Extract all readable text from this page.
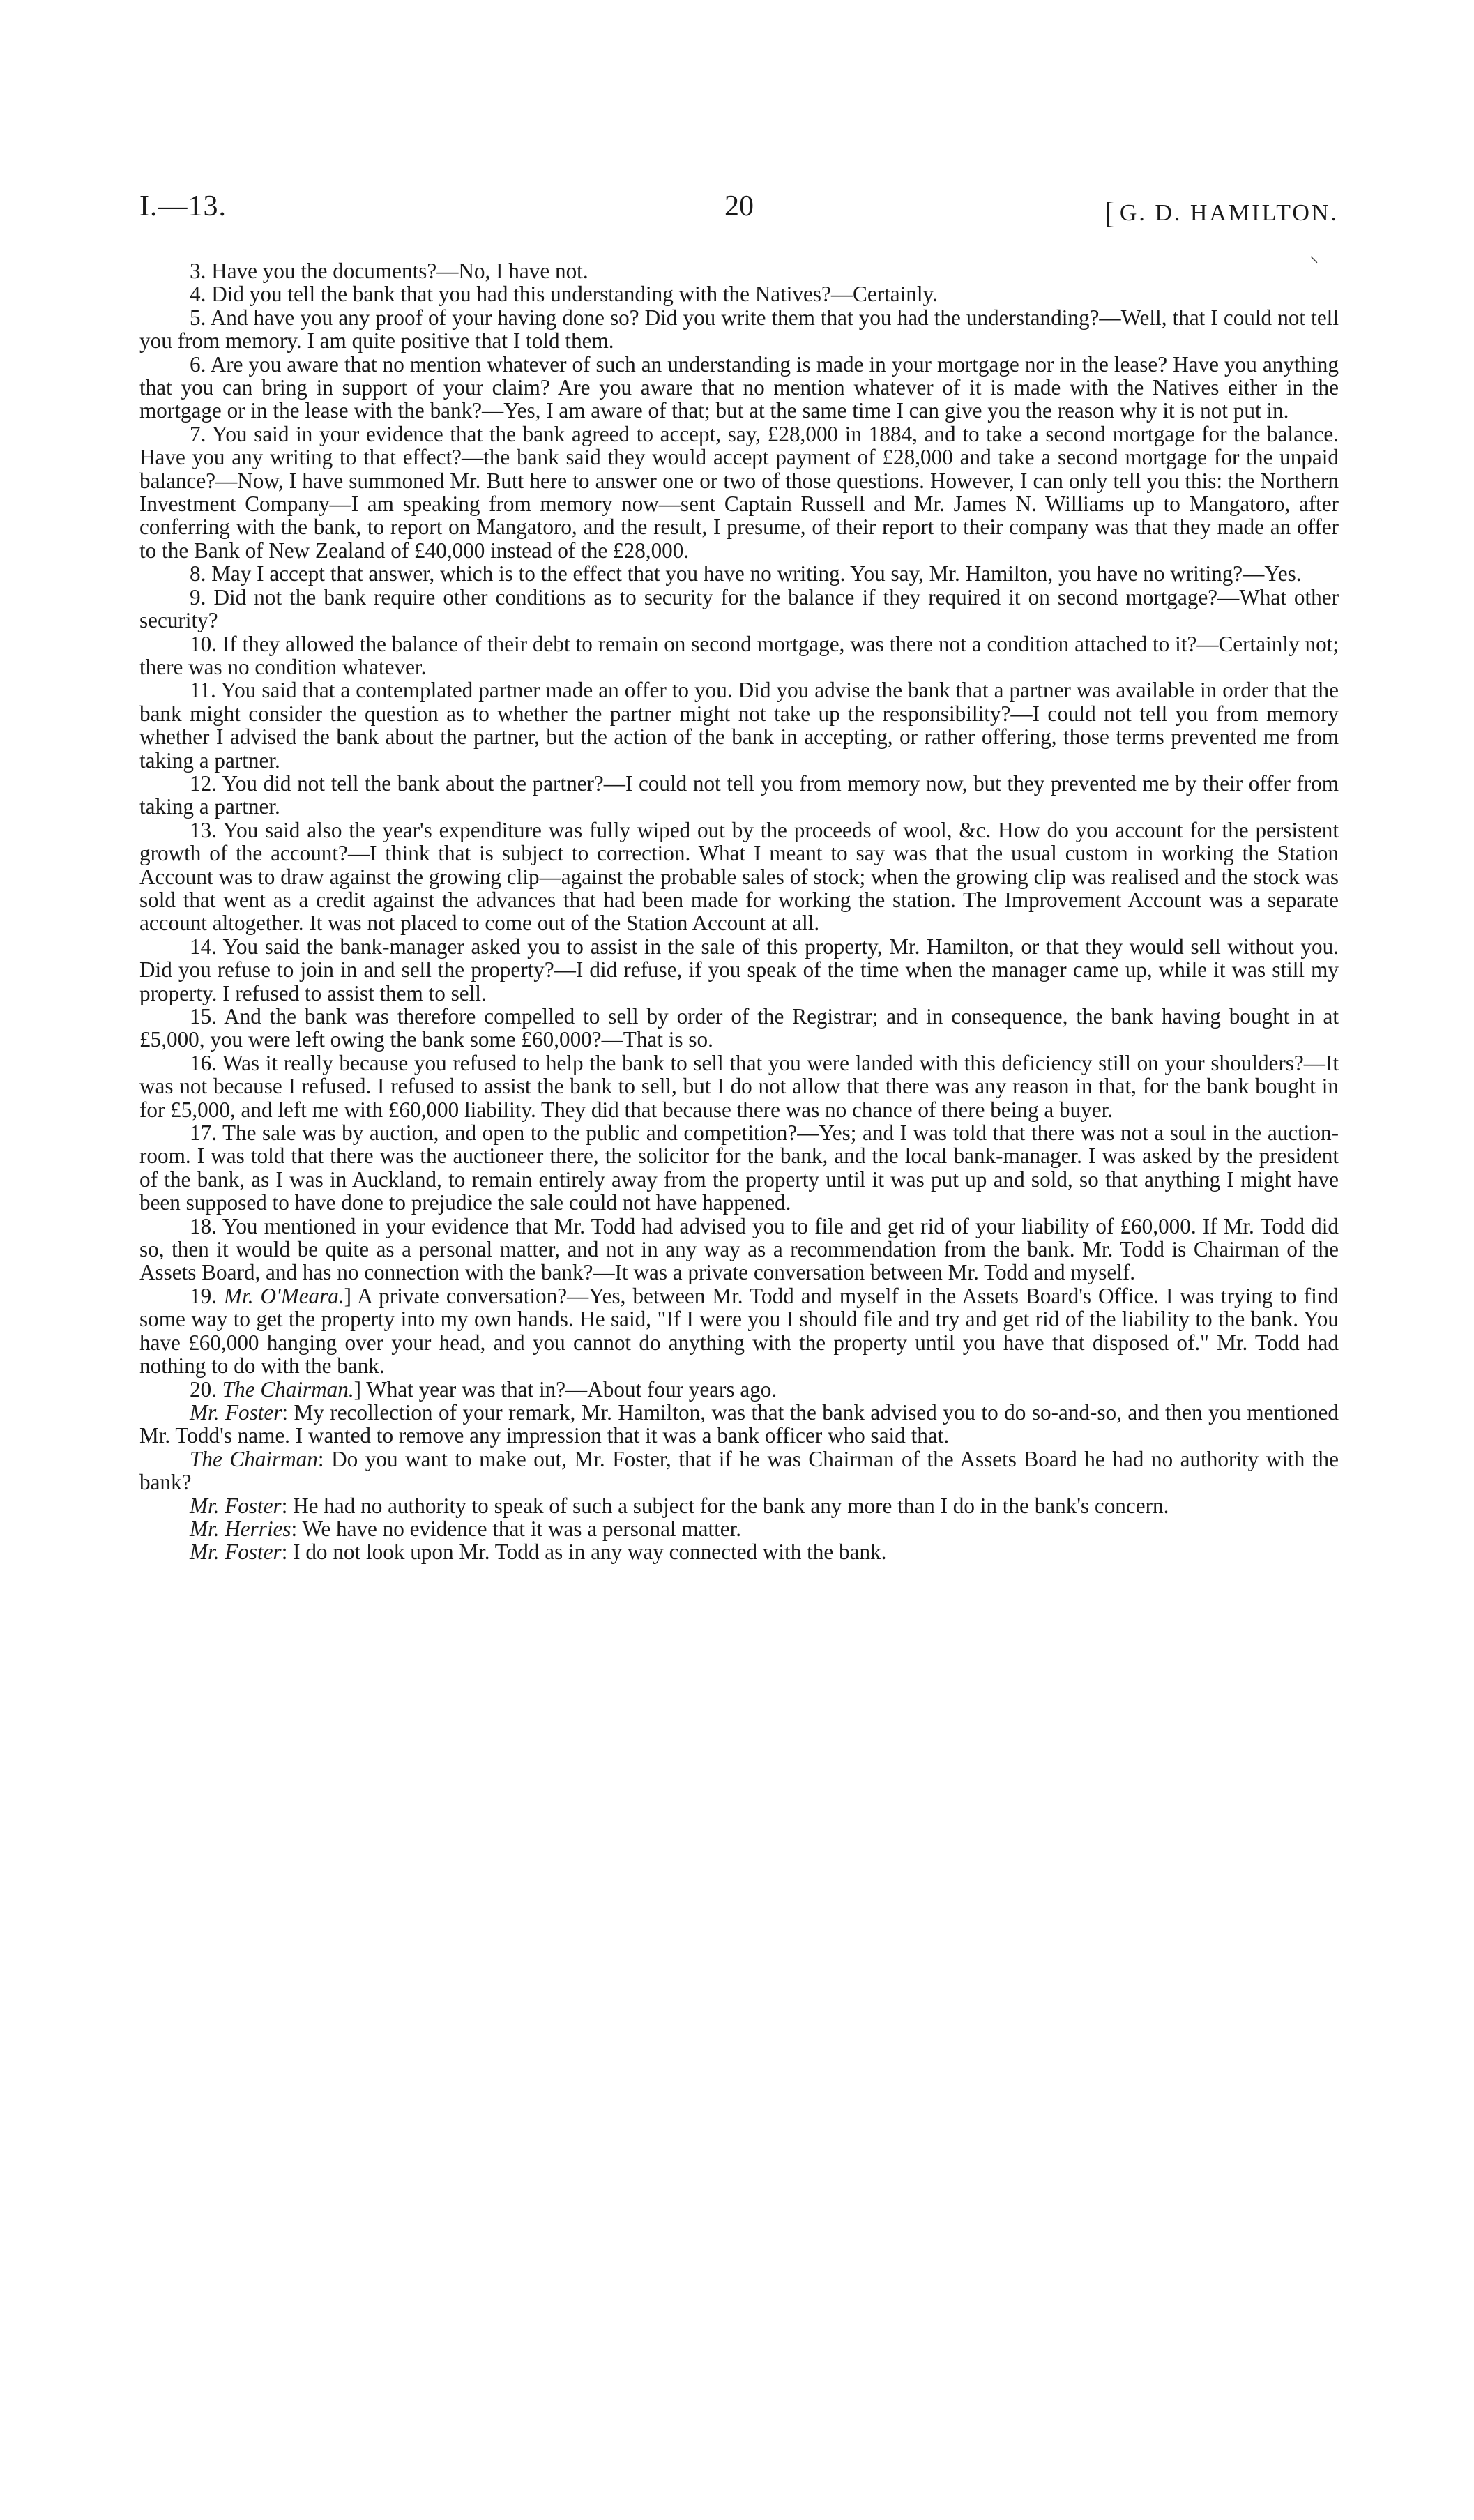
I.—13.	20	[ G. D. HAMILTON.
⸌

3. Have you the documents?—No, I have not.

4. Did you tell the bank that you had this understanding with the Natives?—Certainly.

5. And have you any proof of your having done so? Did you write them that you had the understanding?—Well, that I could not tell you from memory. I am quite positive that I told them.

6. Are you aware that no mention whatever of such an understanding is made in your mortgage nor in the lease? Have you anything that you can bring in support of your claim? Are you aware that no mention whatever of it is made with the Natives either in the mortgage or in the lease with the bank?—Yes, I am aware of that; but at the same time I can give you the reason why it is not put in.

7. You said in your evidence that the bank agreed to accept, say, £28,000 in 1884, and to take a second mortgage for the balance. Have you any writing to that effect?—the bank said they would accept payment of £28,000 and take a second mortgage for the unpaid balance?—Now, I have summoned Mr. Butt here to answer one or two of those questions. However, I can only tell you this: the Northern Investment Company—I am speaking from memory now—sent Captain Russell and Mr. James N. Williams up to Mangatoro, after conferring with the bank, to report on Mangatoro, and the result, I presume, of their report to their company was that they made an offer to the Bank of New Zealand of £40,000 instead of the £28,000.

8. May I accept that answer, which is to the effect that you have no writing. You say, Mr. Hamilton, you have no writing?—Yes.

9. Did not the bank require other conditions as to security for the balance if they required it on second mortgage?—What other security?

10. If they allowed the balance of their debt to remain on second mortgage, was there not a condition attached to it?—Certainly not; there was no condition whatever.

11. You said that a contemplated partner made an offer to you. Did you advise the bank that a partner was available in order that the bank might consider the question as to whether the partner might not take up the responsibility?—I could not tell you from memory whether I advised the bank about the partner, but the action of the bank in accepting, or rather offering, those terms prevented me from taking a partner.

12. You did not tell the bank about the partner?—I could not tell you from memory now, but they prevented me by their offer from taking a partner.

13. You said also the year's expenditure was fully wiped out by the proceeds of wool, &c. How do you account for the persistent growth of the account?—I think that is subject to correction. What I meant to say was that the usual custom in working the Station Account was to draw against the growing clip—against the probable sales of stock; when the growing clip was realised and the stock was sold that went as a credit against the advances that had been made for working the station. The Improvement Account was a separate account altogether. It was not placed to come out of the Station Account at all.

14. You said the bank-manager asked you to assist in the sale of this property, Mr. Hamilton, or that they would sell without you. Did you refuse to join in and sell the property?—I did refuse, if you speak of the time when the manager came up, while it was still my property. I refused to assist them to sell.

15. And the bank was therefore compelled to sell by order of the Registrar; and in consequence, the bank having bought in at £5,000, you were left owing the bank some £60,000?—That is so.

16. Was it really because you refused to help the bank to sell that you were landed with this deficiency still on your shoulders?—It was not because I refused. I refused to assist the bank to sell, but I do not allow that there was any reason in that, for the bank bought in for £5,000, and left me with £60,000 liability. They did that because there was no chance of there being a buyer.

17. The sale was by auction, and open to the public and competition?—Yes; and I was told that there was not a soul in the auction-room. I was told that there was the auctioneer there, the solicitor for the bank, and the local bank-manager. I was asked by the president of the bank, as I was in Auckland, to remain entirely away from the property until it was put up and sold, so that anything I might have been supposed to have done to prejudice the sale could not have happened.

18. You mentioned in your evidence that Mr. Todd had advised you to file and get rid of your liability of £60,000. If Mr. Todd did so, then it would be quite as a personal matter, and not in any way as a recommendation from the bank. Mr. Todd is Chairman of the Assets Board, and has no connection with the bank?—It was a private conversation between Mr. Todd and myself.

19. Mr. O'Meara.] A private conversation?—Yes, between Mr. Todd and myself in the Assets Board's Office. I was trying to find some way to get the property into my own hands. He said, "If I were you I should file and try and get rid of the liability to the bank. You have £60,000 hanging over your head, and you cannot do anything with the property until you have that disposed of." Mr. Todd had nothing to do with the bank.

20. The Chairman.] What year was that in?—About four years ago.

Mr. Foster: My recollection of your remark, Mr. Hamilton, was that the bank advised you to do so-and-so, and then you mentioned Mr. Todd's name. I wanted to remove any impression that it was a bank officer who said that.

The Chairman: Do you want to make out, Mr. Foster, that if he was Chairman of the Assets Board he had no authority with the bank?

Mr. Foster: He had no authority to speak of such a subject for the bank any more than I do in the bank's concern.

Mr. Herries: We have no evidence that it was a personal matter.

Mr. Foster: I do not look upon Mr. Todd as in any way connected with the bank.
